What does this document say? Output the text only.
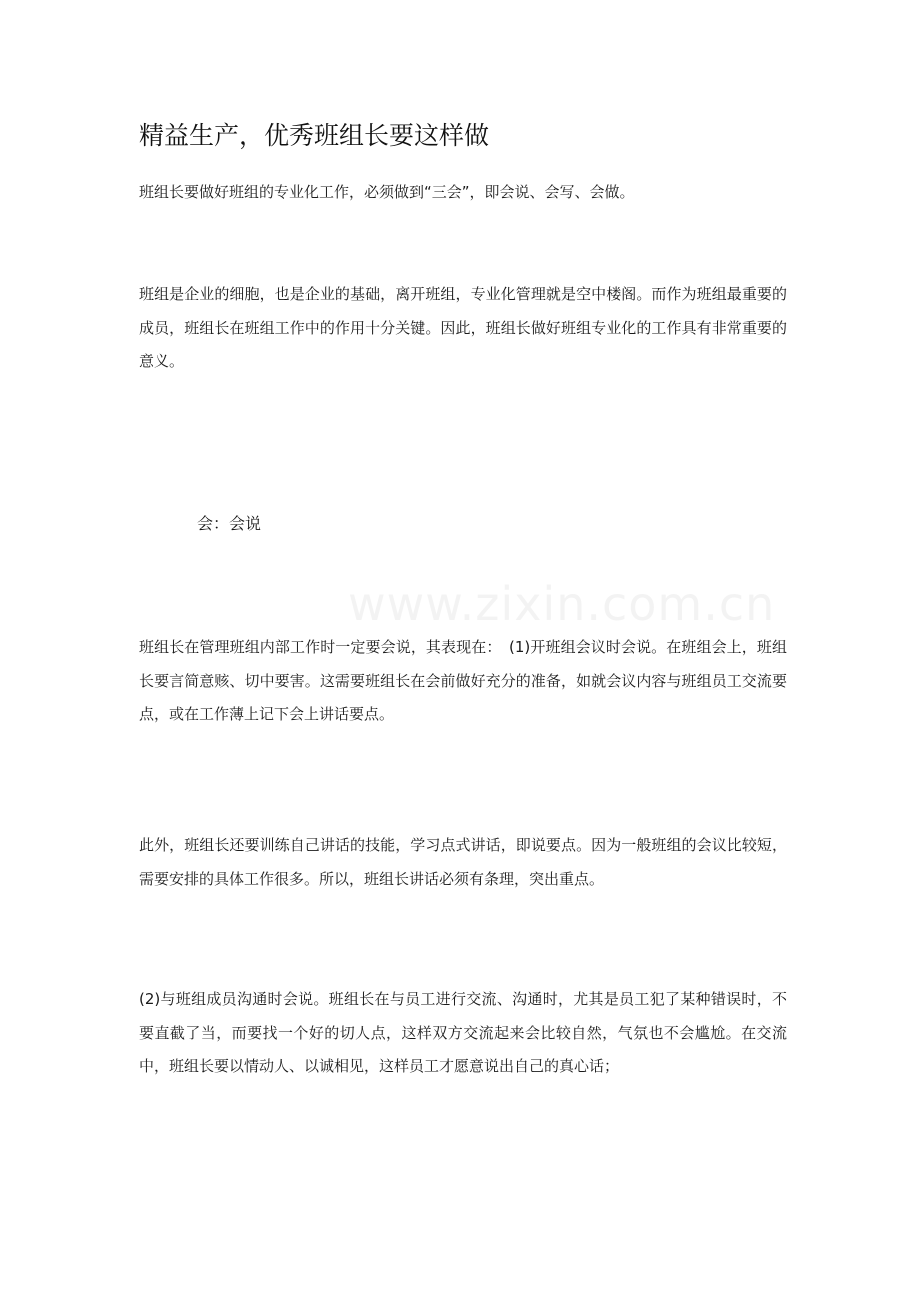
精益生产，优秀班组长要这样做

班组长要做好班组的专业化工作，必须做到“三会”，即会说、会写、会做。

班组是企业的细胞，也是企业的基础，离开班组，专业化管理就是空中楼阁。而作为班组最重要的成员，班组长在班组工作中的作用十分关键。因此，班组长做好班组专业化的工作具有非常重要的意义。

会：会说

www.zixin.com.cn

班组长在管理班组内部工作时一定要会说，其表现在：　(1)开班组会议时会说。在班组会上，班组长要言简意赅、切中要害。这需要班组长在会前做好充分的准备，如就会议内容与班组员工交流要点，或在工作薄上记下会上讲话要点。

此外，班组长还要训练自己讲话的技能，学习点式讲话，即说要点。因为一般班组的会议比较短，需要安排的具体工作很多。所以，班组长讲话必须有条理，突出重点。

(2)与班组成员沟通时会说。班组长在与员工进行交流、沟通时，尤其是员工犯了某种错误时，不要直截了当，而要找一个好的切人点，这样双方交流起来会比较自然，气氛也不会尴尬。在交流中，班组长要以情动人、以诚相见，这样员工才愿意说出自己的真心话；
